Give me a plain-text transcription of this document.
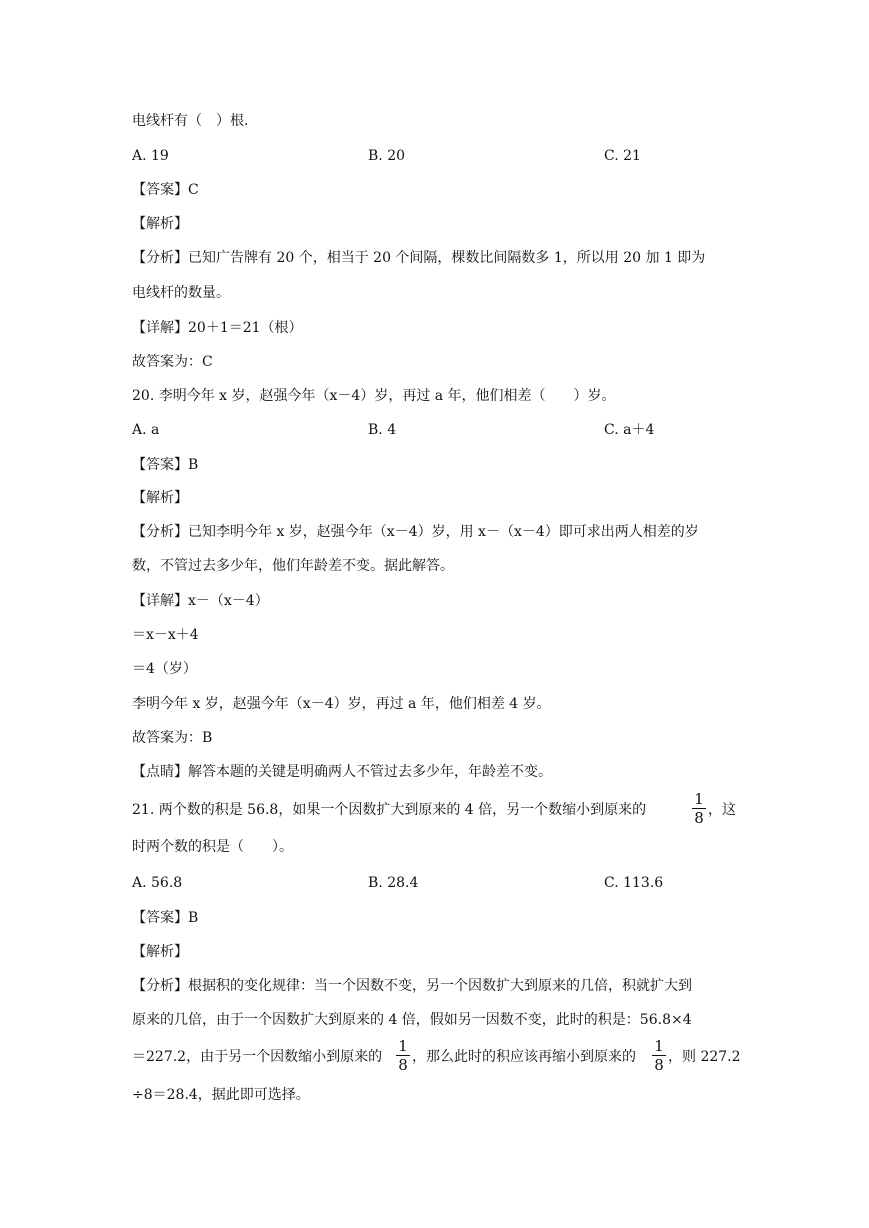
电线杆有（　）根.
A. 19	B. 20	C. 21
【答案】C
【解析】
【分析】已知广告牌有 20 个，相当于 20 个间隔，棵数比间隔数多 1，所以用 20 加 1 即为
电线杆的数量。
【详解】20＋1＝21（根）
故答案为：C
20. 李明今年 x 岁，赵强今年（x－4）岁，再过 a 年，他们相差（　　）岁。
A. a	B. 4	C. a＋4
【答案】B
【解析】
【分析】已知李明今年 x 岁，赵强今年（x－4）岁，用 x－（x－4）即可求出两人相差的岁
数，不管过去多少年，他们年龄差不变。据此解答。
【详解】x－（x－4）
＝x－x＋4
＝4（岁）
李明今年 x 岁，赵强今年（x－4）岁，再过 a 年，他们相差 4 岁。
故答案为：B
【点睛】解答本题的关键是明确两人不管过去多少年，年龄差不变。
21. 两个数的积是 56.8，如果一个因数扩大到原来的 4 倍，另一个数缩小到原来的
1
8 ，这
时两个数的积是（　　）。
A. 56.8	B. 28.4	C. 113.6
【答案】B
【解析】
【分析】根据积的变化规律：当一个因数不变，另一个因数扩大到原来的几倍，积就扩大到
原来的几倍，由于一个因数扩大到原来的 4 倍，假如另一因数不变，此时的积是：56.8×4
＝227.2，由于另一个因数缩小到原来的
1
8 ，那么此时的积应该再缩小到原来的
1
8 ，则 227.2
÷8＝28.4，据此即可选择。
